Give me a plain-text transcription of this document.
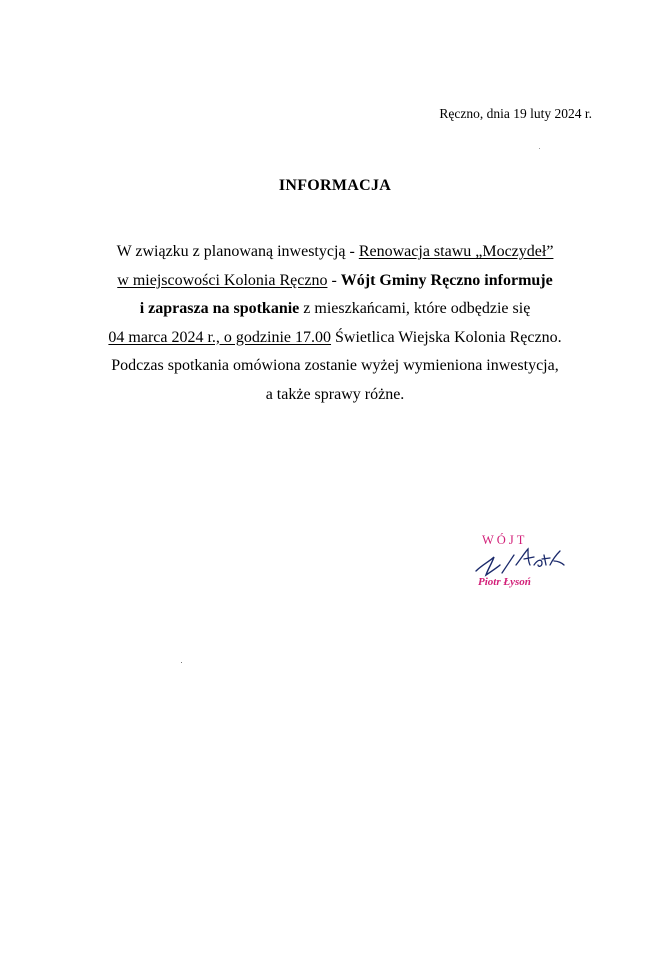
Ręczno, dnia 19 luty 2024 r.
INFORMACJA
W związku z planowaną inwestycją - Renowacja stawu „Moczydeł”
w miejscowości Kolonia Ręczno - Wójt Gminy Ręczno informuje
i zaprasza na spotkanie z mieszkańcami, które odbędzie się
04 marca 2024 r., o godzinie 17.00 Świetlica Wiejska Kolonia Ręczno.
Podczas spotkania omówiona zostanie wyżej wymieniona inwestycja,
a także sprawy różne.
WÓJT
Piotr Łysoń
